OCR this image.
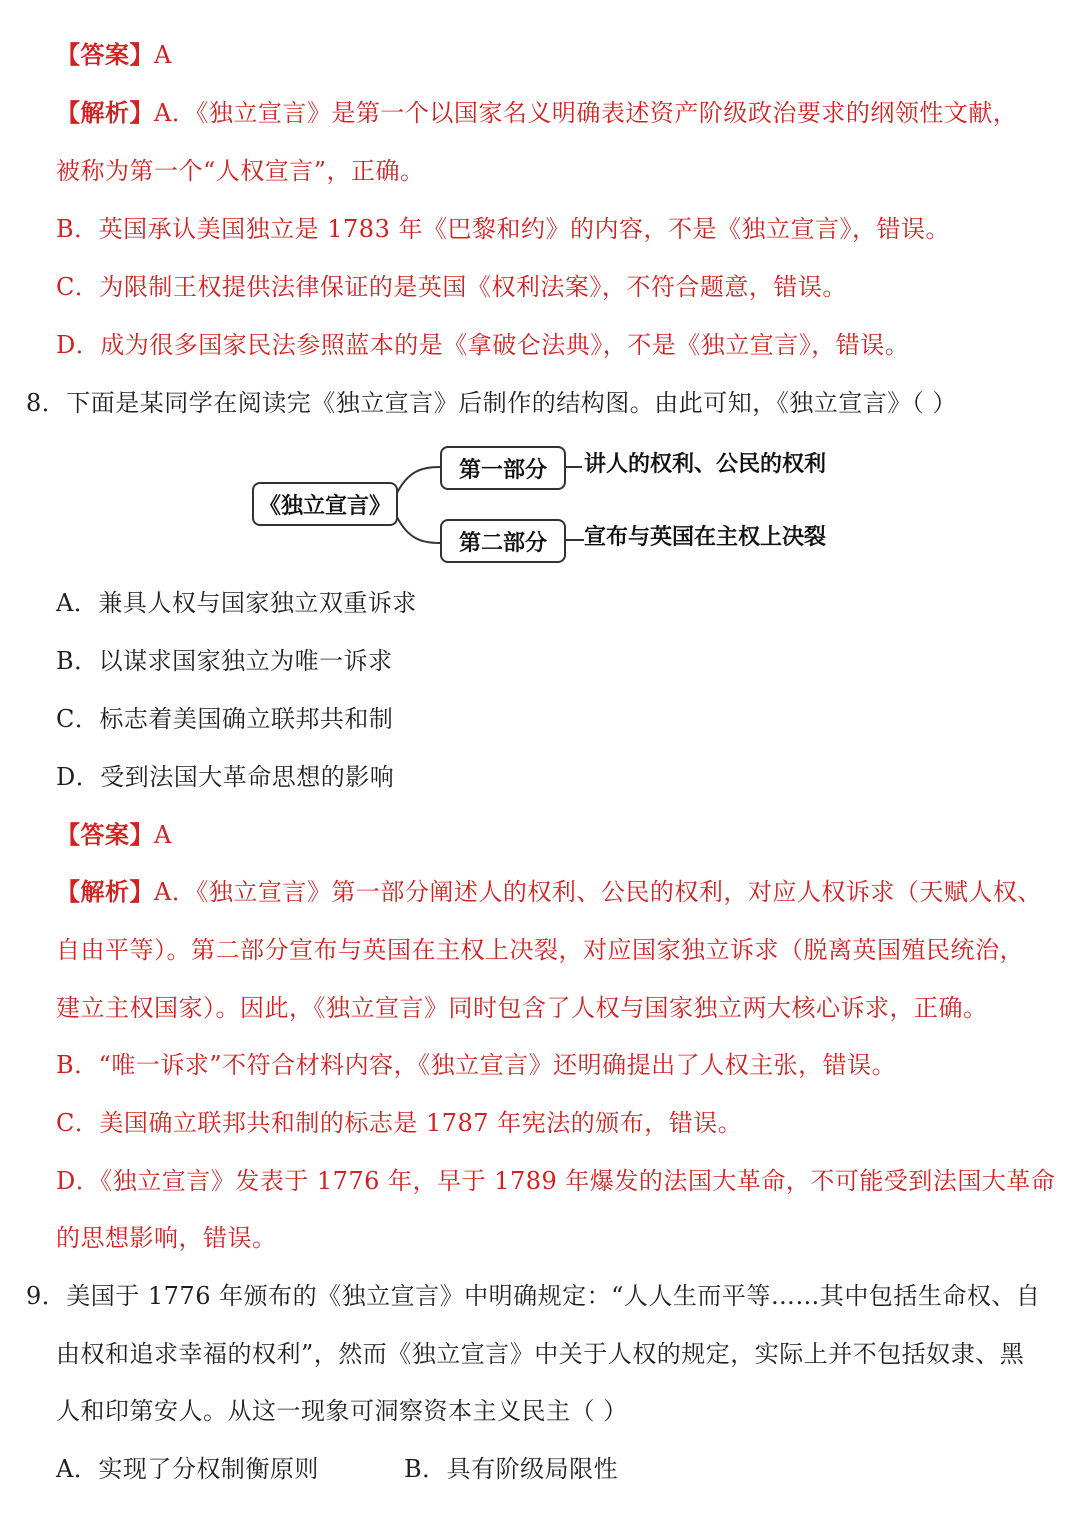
【答案】A
【解析】A．《独立宣言》是第一个以国家名义明确表述资产阶级政治要求的纲领性文献，
被称为第一个“人权宣言”，正确。
B．英国承认美国独立是 1783 年《巴黎和约》的内容，不是《独立宣言》，错误。
C．为限制王权提供法律保证的是英国《权利法案》，不符合题意，错误。
D．成为很多国家民法参照蓝本的是《拿破仑法典》，不是《独立宣言》，错误。
8．下面是某同学在阅读完《独立宣言》后制作的结构图。由此可知，《独立宣言》（ ）
《独立宣言》
第一部分
第二部分
讲人的权利、公民的权利
宣布与英国在主权上决裂
A．兼具人权与国家独立双重诉求
B．以谋求国家独立为唯一诉求
C．标志着美国确立联邦共和制
D．受到法国大革命思想的影响
【答案】A
【解析】A．《独立宣言》第一部分阐述人的权利、公民的权利，对应人权诉求（天赋人权、
自由平等）。第二部分宣布与英国在主权上决裂，对应国家独立诉求（脱离英国殖民统治，
建立主权国家）。因此，《独立宣言》同时包含了人权与国家独立两大核心诉求，正确。
B．“唯一诉求”不符合材料内容，《独立宣言》还明确提出了人权主张，错误。
C．美国确立联邦共和制的标志是 1787 年宪法的颁布，错误。
D．《独立宣言》发表于 1776 年，早于 1789 年爆发的法国大革命，不可能受到法国大革命
的思想影响，错误。
9．美国于 1776 年颁布的《独立宣言》中明确规定：“人人生而平等……其中包括生命权、自
由权和追求幸福的权利”，然而《独立宣言》中关于人权的规定，实际上并不包括奴隶、黑
人和印第安人。从这一现象可洞察资本主义民主（ ）
A．实现了分权制衡原则	B．具有阶级局限性
